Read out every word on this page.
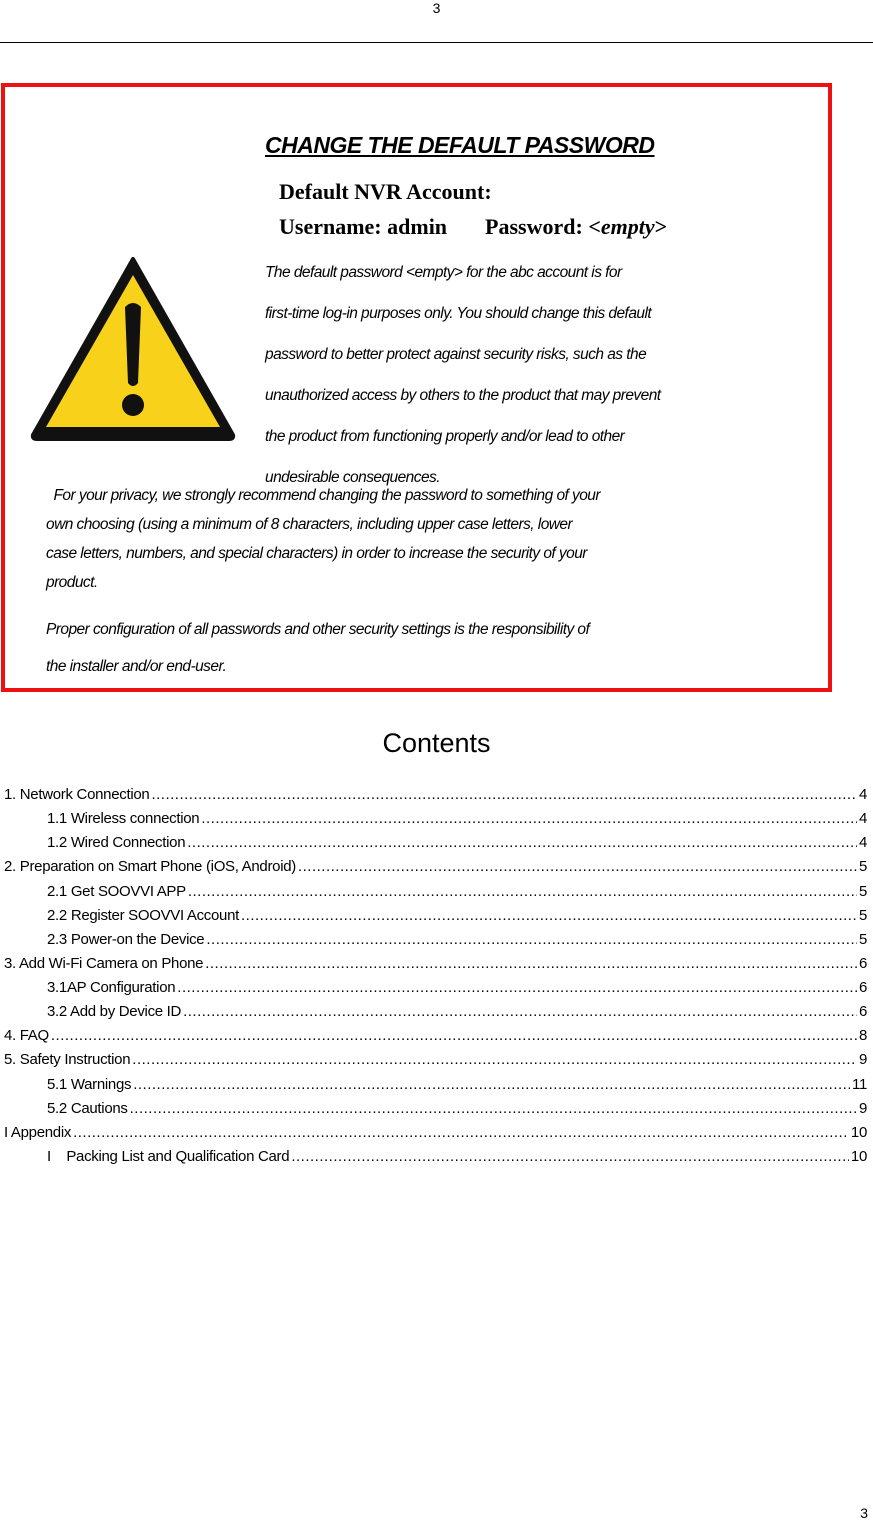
3
CHANGE THE DEFAULT PASSWORD
Default NVR Account:
Username: admin Password: <empty>
The default password <empty> for the abc account is for
first-time log-in purposes only. You should change this default
password to better protect against security risks, such as the
unauthorized access by others to the product that may prevent
the product from functioning properly and/or lead to other
undesirable consequences.
For your privacy, we strongly recommend changing the password to something of your
own choosing (using a minimum of 8 characters, including upper case letters, lower
case letters, numbers, and special characters) in order to increase the security of your
product.
Proper configuration of all passwords and other security settings is the responsibility of
the installer and/or end-user.
Contents
1. Network Connection .....	4
1.1 Wireless connection .....	4
1.2 Wired Connection .....	4
2. Preparation on Smart Phone (iOS, Android) .....	5
2.1 Get SOOVVI APP .....	5
2.2 Register SOOVVI Account .....	5
2.3 Power-on the Device .....	5
3. Add Wi-Fi Camera on Phone .....	6
3.1AP Configuration .....	6
3.2 Add by Device ID .....	6
4. FAQ .....	8
5. Safety Instruction .....	9
5.1 Warnings .....	11
5.2 Cautions .....	9
I Appendix .....	10
I    Packing List and Qualification Card .....	10
3
